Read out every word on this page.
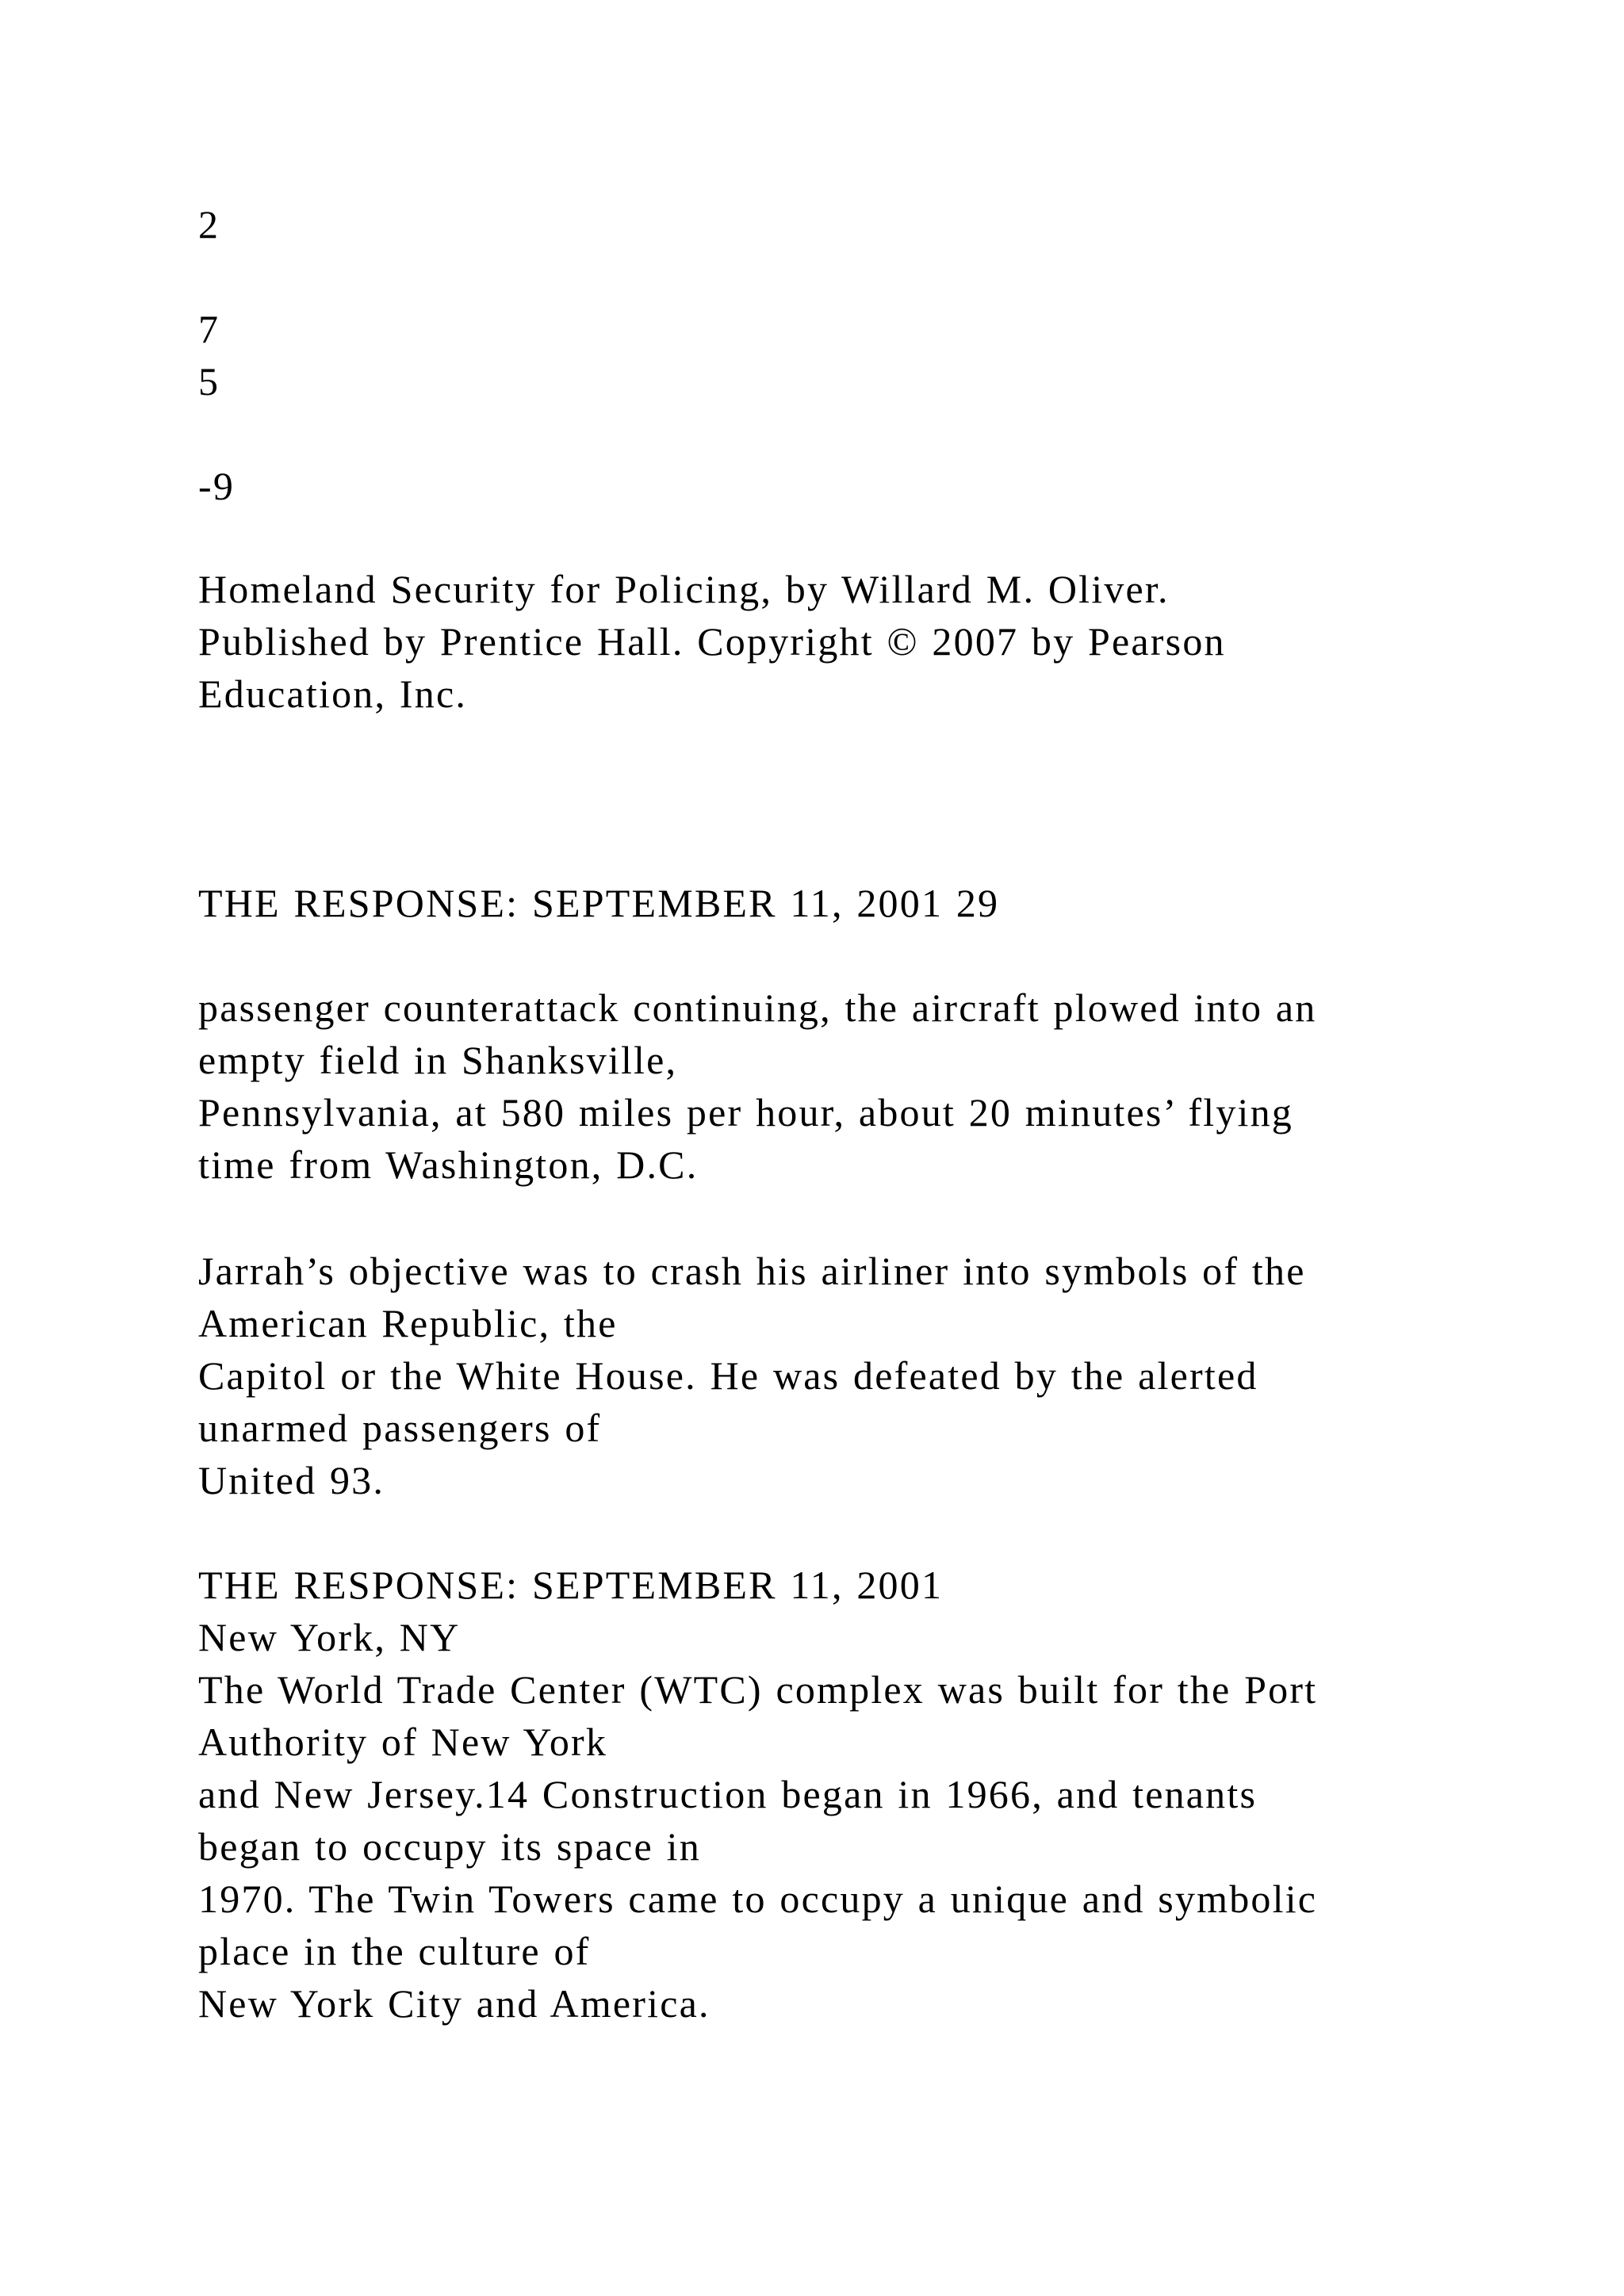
2
7
5
-9
Homeland Security for Policing, by Willard M. Oliver.
Published by Prentice Hall. Copyright © 2007 by Pearson
Education, Inc.
THE RESPONSE: SEPTEMBER 11, 2001 29
passenger counterattack continuing, the aircraft plowed into an
empty field in Shanksville,
Pennsylvania, at 580 miles per hour, about 20 minutes’ flying
time from Washington, D.C.
Jarrah’s objective was to crash his airliner into symbols of the
American Republic, the
Capitol or the White House. He was defeated by the alerted
unarmed passengers of
United 93.
THE RESPONSE: SEPTEMBER 11, 2001
New York, NY
The World Trade Center (WTC) complex was built for the Port
Authority of New York
and New Jersey.14 Construction began in 1966, and tenants
began to occupy its space in
1970. The Twin Towers came to occupy a unique and symbolic
place in the culture of
New York City and America.
